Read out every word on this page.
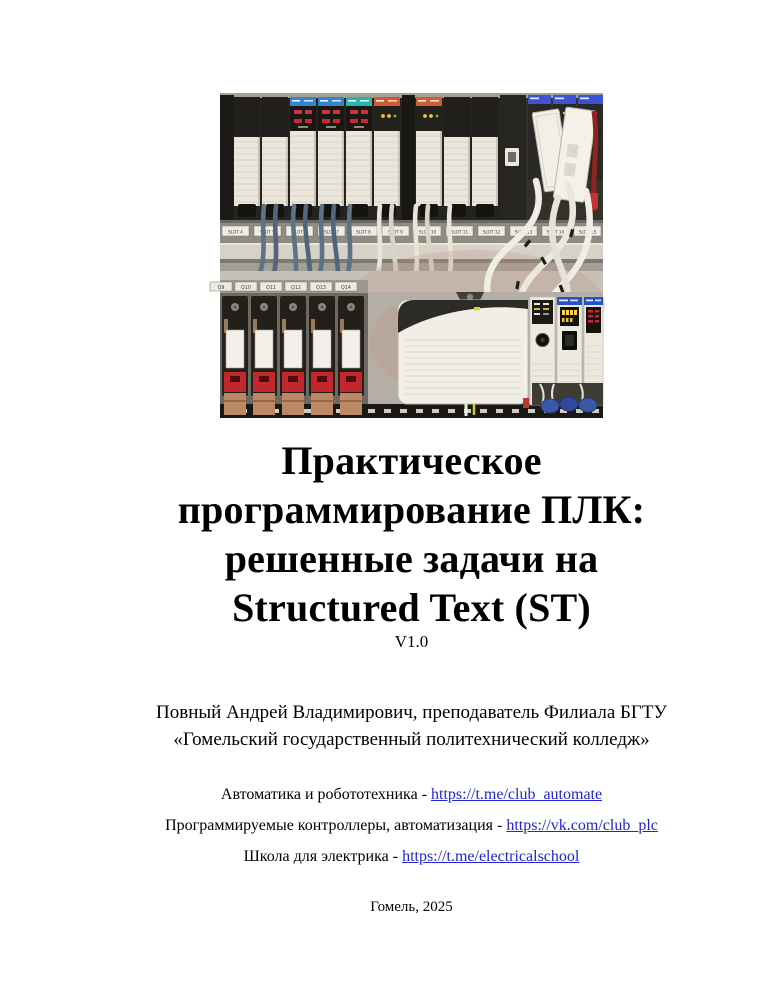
SLOT 4	SLOT 5	SLOT 6	SLOT 7	SLOT 8	SLOT 9	SLOT 10	SLOT 11	SLOT 12	SLOT 13	SLOT 14	SLOT 15
Q9	Q10	Q11	Q12	Q13	Q14
Практическое
программирование ПЛК:
решенные задачи на
Structured Text (ST)
V1.0
Повный Андрей Владимирович, преподаватель Филиала БГТУ
«Гомельский государственный политехнический колледж»
Автоматика и робототехника - https://t.me/club_automate
Программируемые контроллеры, автоматизация - https://vk.com/club_plc
Школа для электрика - https://t.me/electricalschool
Гомель, 2025
